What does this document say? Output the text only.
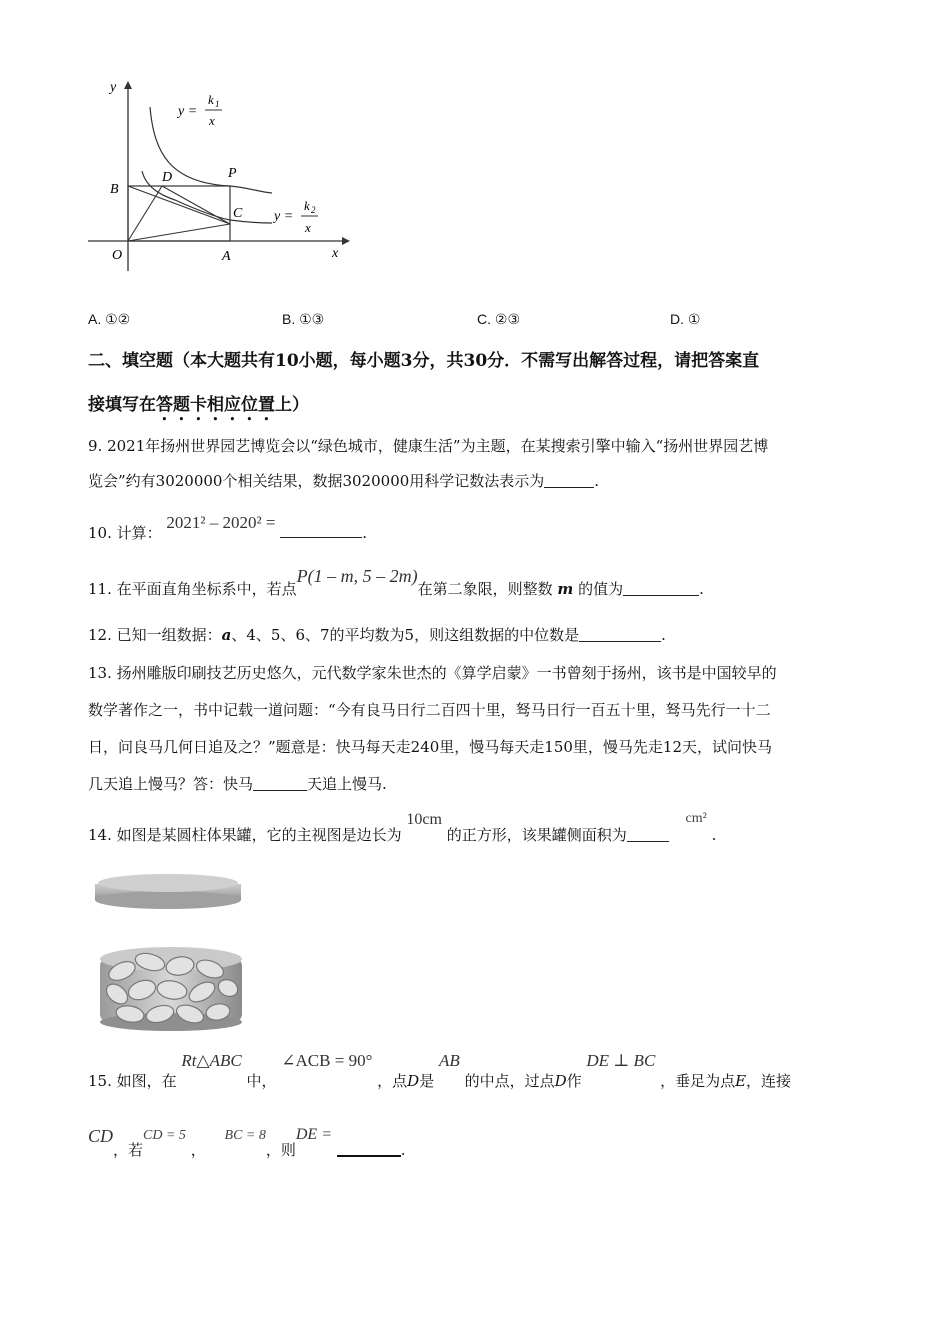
y
x
O	A
B
C
D	P
y =
k 1
x
y =
k 2
x
A. ①②	B. ①③	C. ②③	D. ①
二、填空题（本大题共有10小题，每小题3分，共30分．不需写出解答过程，请把答案直
接填写在答题卡相应位置上）
9. 2021年扬州世界园艺博览会以“绿色城市，健康生活”为主题，在某搜索引擎中输入“扬州世界园艺博
览会”约有3020000个相关结果，数据3020000用科学记数法表示为	.
10. 计算： 2021² – 2020² = .
11. 在平面直角坐标系中，若点P(1 – m, 5 – 2m)在第二象限，则整数 m 的值为	.
12. 已知一组数据：a、4、5、6、7的平均数为5，则这组数据的中位数是	.
13. 扬州雕版印刷技艺历史悠久，元代数学家朱世杰的《算学启蒙》一书曾刻于扬州，该书是中国较早的
数学著作之一，书中记载一道问题：“今有良马日行二百四十里，驽马日行一百五十里，驽马先行一十二
日，问良马几何日追及之？”题意是：快马每天走240里，慢马每天走150里，慢马先走12天，试问快马
几天追上慢马？答：快马	天追上慢马.
14. 如图是某圆柱体果罐，它的主视图是边长为 10cm 的正方形，该果罐侧面积为 cm² .
15. 如图，在 Rt△ABC 中， ∠ACB = 90° ，点D是 AB 的中点，过点D作 DE ⊥ BC ，垂足为点E，连接
CD，若CD = 5 ， BC = 8，则DE = .
